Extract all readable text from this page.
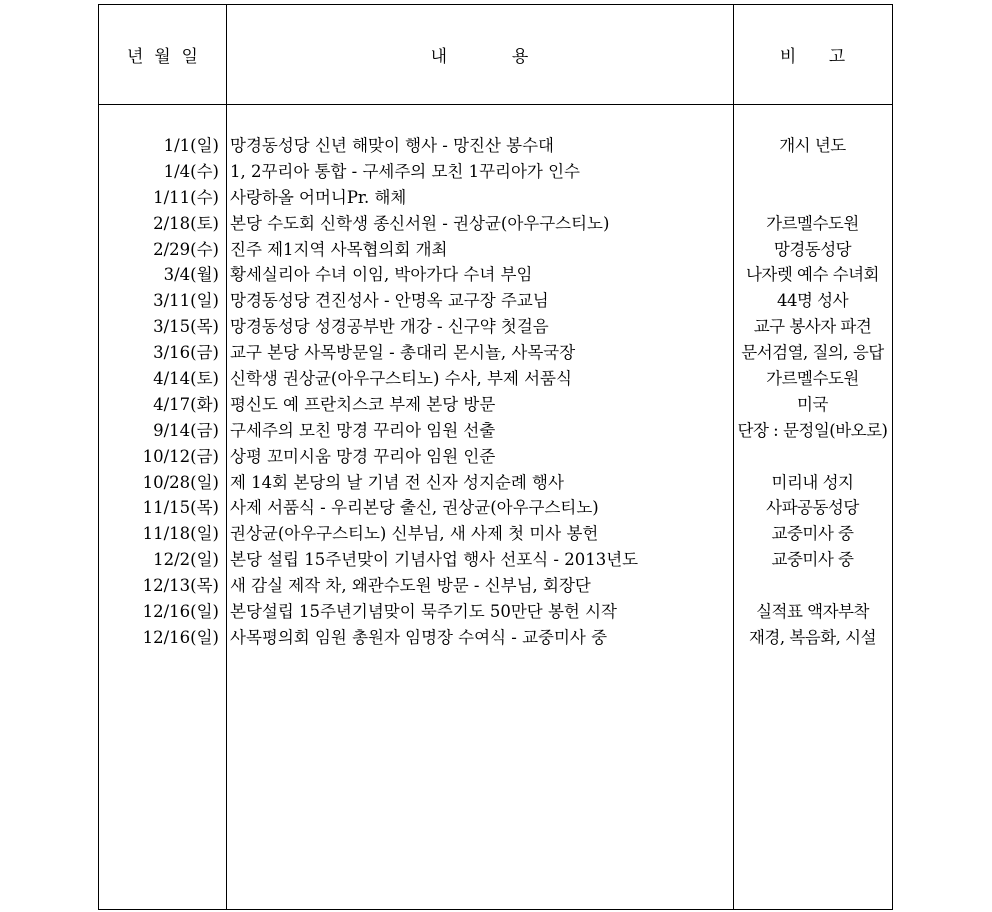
년  월  일	내            용	비      고
1/1(일) 망경동성당 신년 해맞이 행사 - 망진산 봉수대	개시 년도
1/4(수) 1, 2꾸리아 통합 - 구세주의 모친 1꾸리아가 인수
1/11(수) 사랑하올 어머니Pr. 해체
2/18(토) 본당 수도회 신학생 종신서원 - 권상균(아우구스티노)	가르멜수도원
2/29(수) 진주 제1지역 사목협의회 개최	망경동성당
3/4(월) 황세실리아 수녀 이임, 박아가다 수녀 부임	나자렛 예수 수녀회
3/11(일) 망경동성당 견진성사 - 안명옥 교구장 주교님	44명 성사
3/15(목) 망경동성당 성경공부반 개강 - 신구약 첫걸음	교구 봉사자 파견
3/16(금) 교구 본당 사목방문일 - 총대리 몬시뇰, 사목국장	문서검열, 질의, 응답
4/14(토) 신학생 권상균(아우구스티노) 수사, 부제 서품식	가르멜수도원
4/17(화) 평신도 예 프란치스코 부제 본당 방문	미국
9/14(금) 구세주의 모친 망경 꾸리아 임원 선출	단장 : 문정일(바오로)
10/12(금) 상평 꼬미시움 망경 꾸리아 임원 인준
10/28(일) 제 14회 본당의 날 기념 전 신자 성지순례 행사	미리내 성지
11/15(목) 사제 서품식 - 우리본당 출신, 권상균(아우구스티노)	사파공동성당
11/18(일) 권상균(아우구스티노) 신부님, 새 사제 첫 미사 봉헌	교중미사 중
12/2(일) 본당 설립 15주년맞이 기념사업 행사 선포식 - 2013년도	교중미사 중
12/13(목) 새 감실 제작 차, 왜관수도원 방문 - 신부님, 회장단
12/16(일) 본당설립 15주년기념맞이 묵주기도 50만단 봉헌 시작	실적표 액자부착
12/16(일) 사목평의회 임원 총원자 임명장 수여식 - 교중미사 중	재경, 복음화, 시설
